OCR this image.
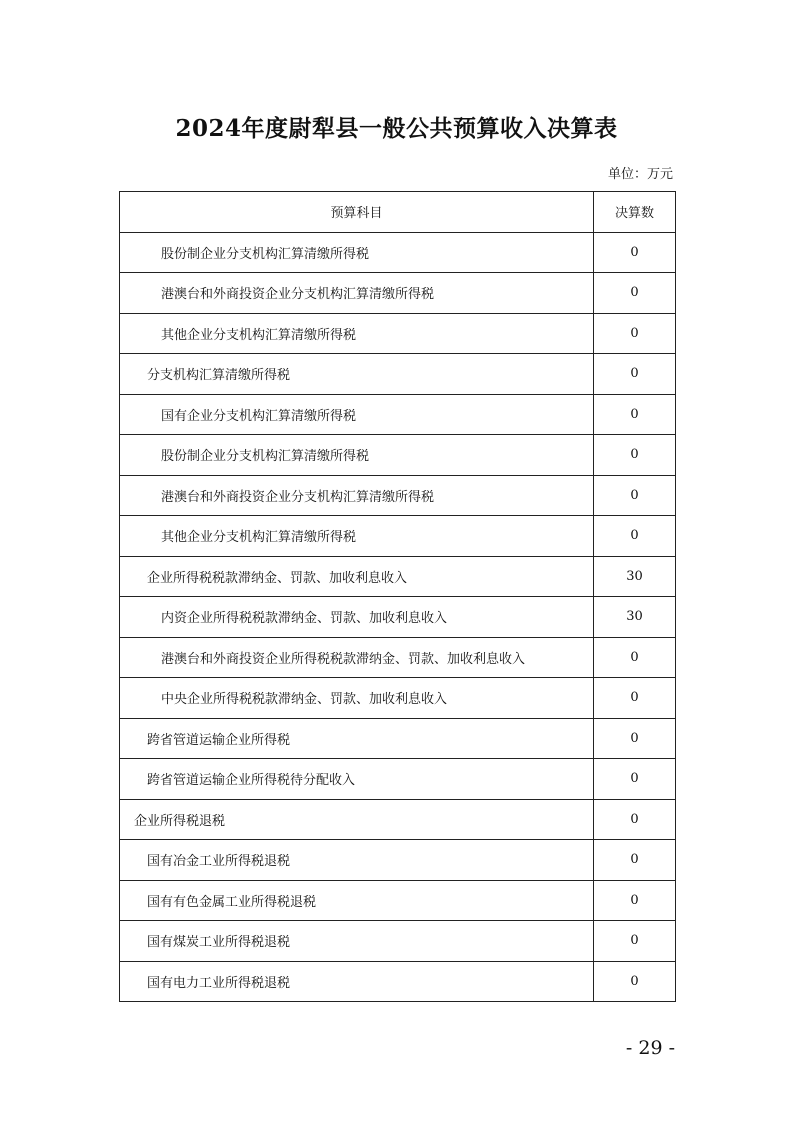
2024年度尉犁县一般公共预算收入决算表
单位：万元
预算科目	决算数
股份制企业分支机构汇算清缴所得税	0
港澳台和外商投资企业分支机构汇算清缴所得税	0
其他企业分支机构汇算清缴所得税	0
分支机构汇算清缴所得税	0
国有企业分支机构汇算清缴所得税	0
股份制企业分支机构汇算清缴所得税	0
港澳台和外商投资企业分支机构汇算清缴所得税	0
其他企业分支机构汇算清缴所得税	0
企业所得税税款滞纳金、罚款、加收利息收入	30
内资企业所得税税款滞纳金、罚款、加收利息收入	30
港澳台和外商投资企业所得税税款滞纳金、罚款、加收利息收入	0
中央企业所得税税款滞纳金、罚款、加收利息收入	0
跨省管道运输企业所得税	0
跨省管道运输企业所得税待分配收入	0
企业所得税退税	0
国有冶金工业所得税退税	0
国有有色金属工业所得税退税	0
国有煤炭工业所得税退税	0
国有电力工业所得税退税	0
- 29 -
